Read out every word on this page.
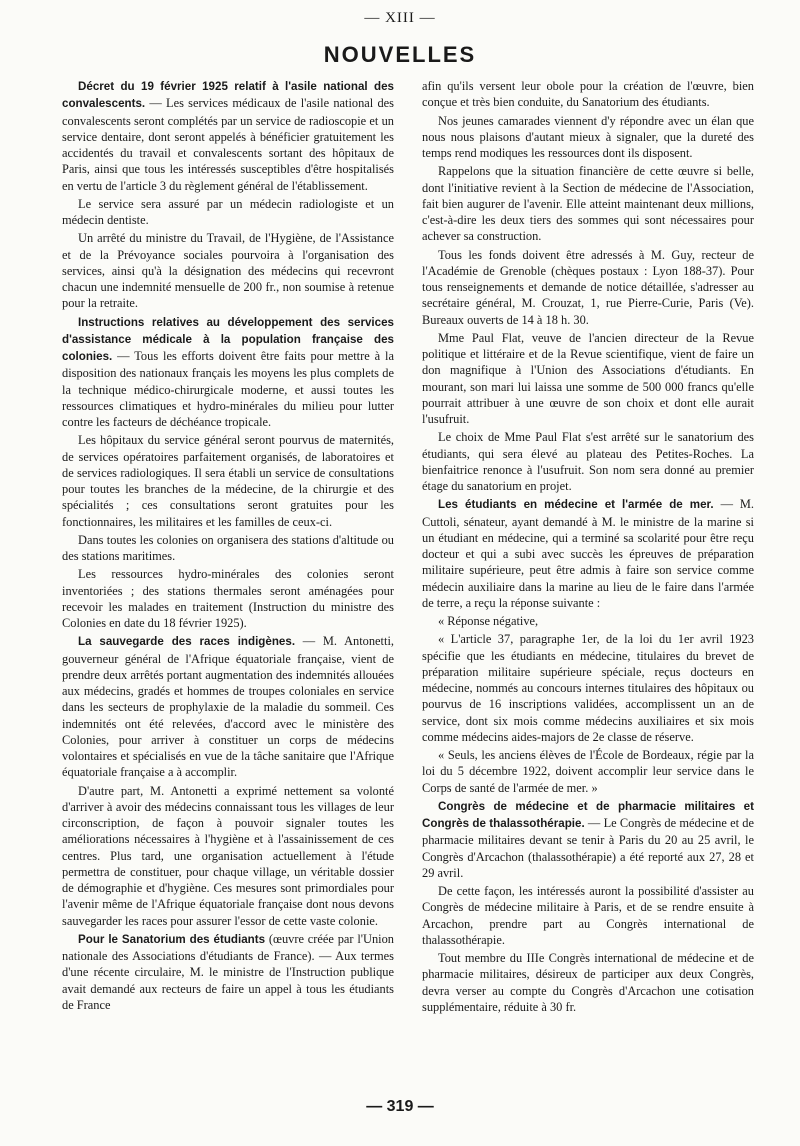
— XIII —
NOUVELLES

Décret du 19 février 1925 relatif à l'asile national des convalescents. — Les services médicaux de l'asile national des convalescents seront complétés par un service de radioscopie et un service dentaire, dont seront appelés à bénéficier gratuitement les accidentés du travail et convalescents sortant des hôpitaux de Paris, ainsi que tous les intéressés susceptibles d'être hospitalisés en vertu de l'article 3 du règlement général de l'établissement.

Le service sera assuré par un médecin radiologiste et un médecin dentiste.

Un arrêté du ministre du Travail, de l'Hygiène, de l'Assistance et de la Prévoyance sociales pourvoira à l'organisation des services, ainsi qu'à la désignation des médecins qui recevront chacun une indemnité mensuelle de 200 fr., non soumise à retenue pour la retraite.

Instructions relatives au développement des services d'assistance médicale à la population française des colonies. — Tous les efforts doivent être faits pour mettre à la disposition des nationaux français les moyens les plus complets de la technique médico-chirurgicale moderne, et aussi toutes les ressources climatiques et hydro-minérales du milieu pour lutter contre les facteurs de déchéance tropicale.

Les hôpitaux du service général seront pourvus de maternités, de services opératoires parfaitement organisés, de laboratoires et de services radiologiques. Il sera établi un service de consultations pour toutes les branches de la médecine, de la chirurgie et des spécialités ; ces consultations seront gratuites pour les fonctionnaires, les militaires et les familles de ceux-ci.

Dans toutes les colonies on organisera des stations d'altitude ou des stations maritimes.

Les ressources hydro-minérales des colonies seront inventoriées ; des stations thermales seront aménagées pour recevoir les malades en traitement (Instruction du ministre des Colonies en date du 18 février 1925).

La sauvegarde des races indigènes. — M. Antonetti, gouverneur général de l'Afrique équatoriale française, vient de prendre deux arrêtés portant augmentation des indemnités allouées aux médecins, gradés et hommes de troupes coloniales en service dans les secteurs de prophylaxie de la maladie du sommeil. Ces indemnités ont été relevées, d'accord avec le ministère des Colonies, pour arriver à constituer un corps de médecins volontaires et spécialisés en vue de la tâche sanitaire que l'Afrique équatoriale française a à accomplir.

D'autre part, M. Antonetti a exprimé nettement sa volonté d'arriver à avoir des médecins connaissant tous les villages de leur circonscription, de façon à pouvoir signaler toutes les améliorations nécessaires à l'hygiène et à l'assainissement de ces centres. Plus tard, une organisation actuellement à l'étude permettra de constituer, pour chaque village, un véritable dossier de démographie et d'hygiène. Ces mesures sont primordiales pour l'avenir même de l'Afrique équatoriale française dont nous devons sauvegarder les races pour assurer l'essor de cette vaste colonie.

Pour le Sanatorium des étudiants (œuvre créée par l'Union nationale des Associations d'étudiants de France). — Aux termes d'une récente circulaire, M. le ministre de l'Instruction publique avait demandé aux recteurs de faire un appel à tous les étudiants de France

afin qu'ils versent leur obole pour la création de l'œuvre, bien conçue et très bien conduite, du Sanatorium des étudiants.

Nos jeunes camarades viennent d'y répondre avec un élan que nous nous plaisons d'autant mieux à signaler, que la dureté des temps rend modiques les ressources dont ils disposent.

Rappelons que la situation financière de cette œuvre si belle, dont l'initiative revient à la Section de médecine de l'Association, fait bien augurer de l'avenir. Elle atteint maintenant deux millions, c'est-à-dire les deux tiers des sommes qui sont nécessaires pour achever sa construction.

Tous les fonds doivent être adressés à M. Guy, recteur de l'Académie de Grenoble (chèques postaux : Lyon 188-37). Pour tous renseignements et demande de notice détaillée, s'adresser au secrétaire général, M. Crouzat, 1, rue Pierre-Curie, Paris (Ve). Bureaux ouverts de 14 à 18 h. 30.

Mme Paul Flat, veuve de l'ancien directeur de la Revue politique et littéraire et de la Revue scientifique, vient de faire un don magnifique à l'Union des Associations d'étudiants. En mourant, son mari lui laissa une somme de 500 000 francs qu'elle pourrait attribuer à une œuvre de son choix et dont elle aurait l'usufruit.

Le choix de Mme Paul Flat s'est arrêté sur le sanatorium des étudiants, qui sera élevé au plateau des Petites-Roches. La bienfaitrice renonce à l'usufruit. Son nom sera donné au premier étage du sanatorium en projet.

Les étudiants en médecine et l'armée de mer. — M. Cuttoli, sénateur, ayant demandé à M. le ministre de la marine si un étudiant en médecine, qui a terminé sa scolarité pour être reçu docteur et qui a subi avec succès les épreuves de préparation militaire supérieure, peut être admis à faire son service comme médecin auxiliaire dans la marine au lieu de le faire dans l'armée de terre, a reçu la réponse suivante :

« Réponse négative,

« L'article 37, paragraphe 1er, de la loi du 1er avril 1923 spécifie que les étudiants en médecine, titulaires du brevet de préparation militaire supérieure spéciale, reçus docteurs en médecine, nommés au concours internes titulaires des hôpitaux ou pourvus de 16 inscriptions validées, accomplissent un an de service, dont six mois comme médecins auxiliaires et six mois comme médecins aides-majors de 2e classe de réserve.

« Seuls, les anciens élèves de l'École de Bordeaux, régie par la loi du 5 décembre 1922, doivent accomplir leur service dans le Corps de santé de l'armée de mer. »

Congrès de médecine et de pharmacie militaires et Congrès de thalassothérapie. — Le Congrès de médecine et de pharmacie militaires devant se tenir à Paris du 20 au 25 avril, le Congrès d'Arcachon (thalassothérapie) a été reporté aux 27, 28 et 29 avril.

De cette façon, les intéressés auront la possibilité d'assister au Congrès de médecine militaire à Paris, et de se rendre ensuite à Arcachon, prendre part au Congrès international de thalassothérapie.

Tout membre du IIIe Congrès international de médecine et de pharmacie militaires, désireux de participer aux deux Congrès, devra verser au compte du Congrès d'Arcachon une cotisation supplémentaire, réduite à 30 fr.

— 319 —
